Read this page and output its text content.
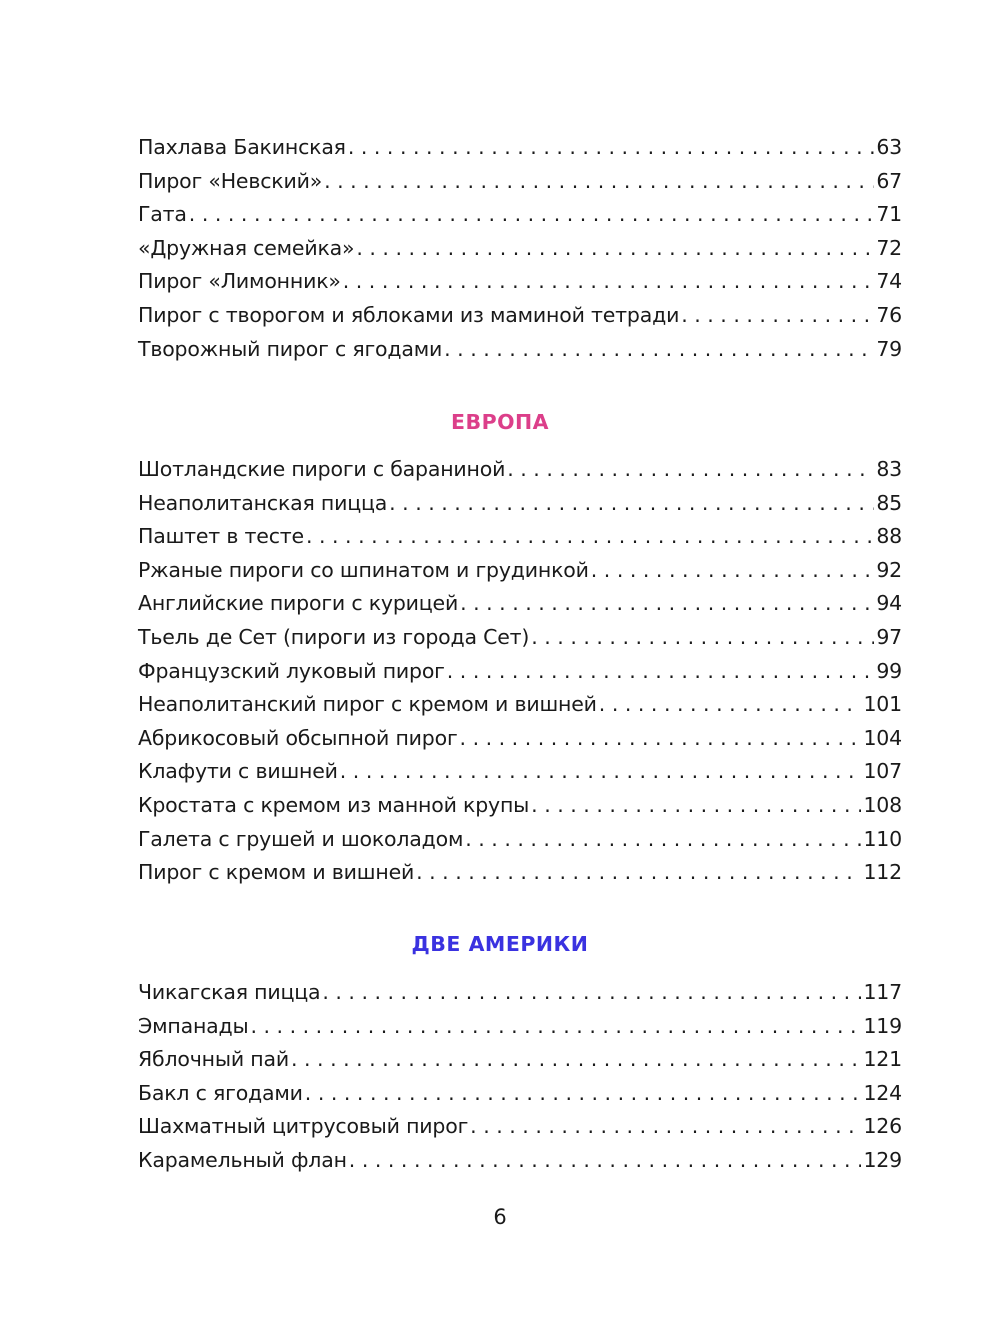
Пахлава Бакинская . . .	63
Пирог «Невский» . . .	67
Гата . . .	71
«Дружная семейка» . . .	72
Пирог «Лимонник» . . .	74
Пирог с творогом и яблоками из маминой тетради . . .	76
Творожный пирог с ягодами . . .	79
ЕВРОПА
Шотландские пироги с бараниной . . .	83
Неаполитанская пицца . . .	85
Паштет в тесте . . .	88
Ржаные пироги со шпинатом и грудинкой . . .	92
Английские пироги с курицей . . .	94
Тьель де Сет (пироги из города Сет) . . .	97
Французский луковый пирог . . .	99
Неаполитанский пирог с кремом и вишней . . .	101
Абрикосовый обсыпной пирог . . .	104
Клафути с вишней . . .	107
Кростата с кремом из манной крупы . . .	108
Галета с грушей и шоколадом . . .	110
Пирог с кремом и вишней . . .	112
ДВЕ АМЕРИКИ
Чикагская пицца . . .	117
Эмпанады . . .	119
Яблочный пай . . .	121
Бакл с ягодами . . .	124
Шахматный цитрусовый пирог . . .	126
Карамельный флан . . .	129
6
